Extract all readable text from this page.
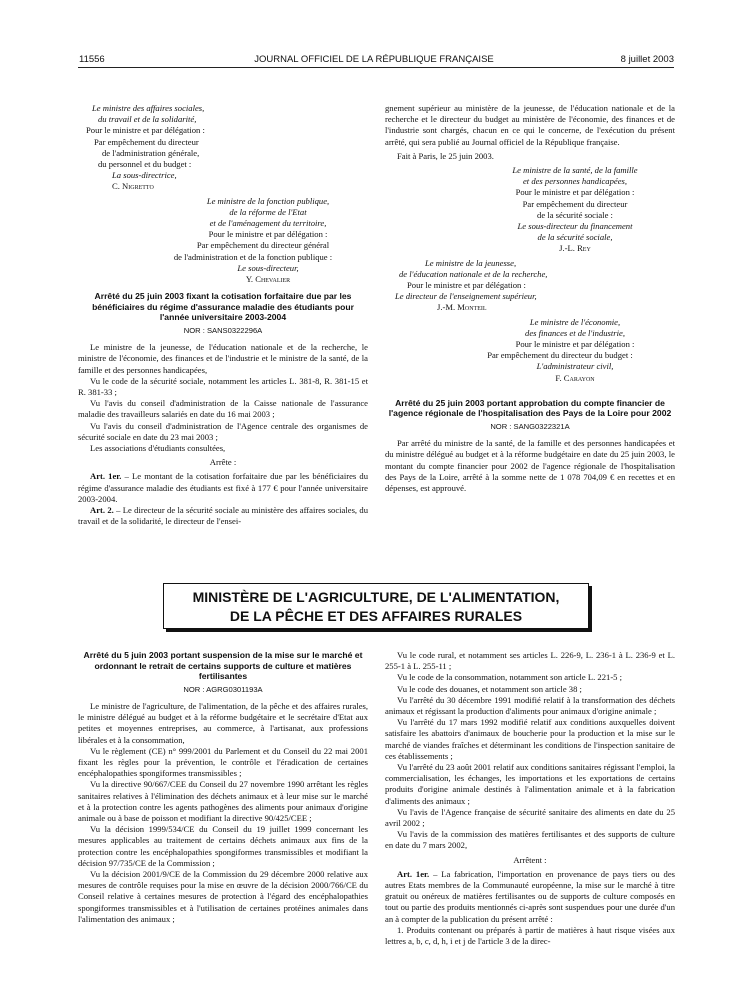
11556	JOURNAL OFFICIEL DE LA RÉPUBLIQUE FRANÇAISE	8 juillet 2003

Le ministre des affaires sociales,

du travail et de la solidarité,

Pour le ministre et par délégation :

Par empêchement du directeur

de l'administration générale,

du personnel et du budget :

La sous-directrice,

C. Nigretto

Le ministre de la fonction publique,

de la réforme de l'Etat

et de l'aménagement du territoire,

Pour le ministre et par délégation :

Par empêchement du directeur général

de l'administration et de la fonction publique :

Le sous-directeur,

Y. Chevalier

Arrêté du 25 juin 2003 fixant la cotisation forfaitaire due par les bénéficiaires du régime d'assurance maladie des étudiants pour l'année universitaire 2003-2004

NOR : SANS0322296A

Le ministre de la jeunesse, de l'éducation nationale et de la recherche, le ministre de l'économie, des finances et de l'industrie et le ministre de la santé, de la famille et des personnes handicapées,

Vu le code de la sécurité sociale, notamment les articles L. 381-8, R. 381-15 et R. 381-33 ;

Vu l'avis du conseil d'administration de la Caisse nationale de l'assurance maladie des travailleurs salariés en date du 16 mai 2003 ;

Vu l'avis du conseil d'administration de l'Agence centrale des organismes de sécurité sociale en date du 23 mai 2003 ;

Les associations d'étudiants consultées,

Arrête :

Art. 1er. – Le montant de la cotisation forfaitaire due par les bénéficiaires du régime d'assurance maladie des étudiants est fixé à 177 € pour l'année universitaire 2003-2004.

Art. 2. – Le directeur de la sécurité sociale au ministère des affaires sociales, du travail et de la solidarité, le directeur de l'ensei-

gnement supérieur au ministère de la jeunesse, de l'éducation nationale et de la recherche et le directeur du budget au ministère de l'économie, des finances et de l'industrie sont chargés, chacun en ce qui le concerne, de l'exécution du présent arrêté, qui sera publié au Journal officiel de la République française.

Fait à Paris, le 25 juin 2003.

Le ministre de la santé, de la famille

et des personnes handicapées,

Pour le ministre et par délégation :

Par empêchement du directeur

de la sécurité sociale :

Le sous-directeur du financement

de la sécurité sociale,

J.-L. Rey

Le ministre de la jeunesse,

de l'éducation nationale et de la recherche,

Pour le ministre et par délégation :

Le directeur de l'enseignement supérieur,

J.-M. Monteil

Le ministre de l'économie,

des finances et de l'industrie,

Pour le ministre et par délégation :

Par empêchement du directeur du budget :

L'administrateur civil,

F. Carayon

Arrêté du 25 juin 2003 portant approbation du compte financier de l'agence régionale de l'hospitalisation des Pays de la Loire pour 2002

NOR : SANG0322321A

Par arrêté du ministre de la santé, de la famille et des personnes handicapées et du ministre délégué au budget et à la réforme budgétaire en date du 25 juin 2003, le montant du compte financier pour 2002 de l'agence régionale de l'hospitalisation des Pays de la Loire, arrêté à la somme nette de 1 078 704,09 € en recettes et en dépenses, est approuvé.

MINISTÈRE DE L'AGRICULTURE, DE L'ALIMENTATION,
DE LA PÊCHE ET DES AFFAIRES RURALES

Arrêté du 5 juin 2003 portant suspension de la mise sur le marché et ordonnant le retrait de certains supports de culture et matières fertilisantes

NOR : AGRG0301193A

Le ministre de l'agriculture, de l'alimentation, de la pêche et des affaires rurales, le ministre délégué au budget et à la réforme budgétaire et le secrétaire d'Etat aux petites et moyennes entreprises, au commerce, à l'artisanat, aux professions libérales et à la consommation,

Vu le règlement (CE) n° 999/2001 du Parlement et du Conseil du 22 mai 2001 fixant les règles pour la prévention, le contrôle et l'éradication de certaines encéphalopathies spongiformes transmissibles ;

Vu la directive 90/667/CEE du Conseil du 27 novembre 1990 arrêtant les règles sanitaires relatives à l'élimination des déchets animaux et à leur mise sur le marché et à la protection contre les agents pathogènes des aliments pour animaux d'origine animale ou à base de poisson et modifiant la directive 90/425/CEE ;

Vu la décision 1999/534/CE du Conseil du 19 juillet 1999 concernant les mesures applicables au traitement de certains déchets animaux aux fins de la protection contre les encéphalopathies spongiformes transmissibles et modifiant la décision 97/735/CE de la Commission ;

Vu la décision 2001/9/CE de la Commission du 29 décembre 2000 relative aux mesures de contrôle requises pour la mise en œuvre de la décision 2000/766/CE du Conseil relative à certaines mesures de protection à l'égard des encéphalopathies spongiformes transmissibles et à l'utilisation de certaines protéines animales dans l'alimentation des animaux ;

Vu le code rural, et notamment ses articles L. 226-9, L. 236-1 à L. 236-9 et L. 255-1 à L. 255-11 ;

Vu le code de la consommation, notamment son article L. 221-5 ;

Vu le code des douanes, et notamment son article 38 ;

Vu l'arrêté du 30 décembre 1991 modifié relatif à la transformation des déchets animaux et régissant la production d'aliments pour animaux d'origine animale ;

Vu l'arrêté du 17 mars 1992 modifié relatif aux conditions auxquelles doivent satisfaire les abattoirs d'animaux de boucherie pour la production et la mise sur le marché de viandes fraîches et déterminant les conditions de l'inspection sanitaire de ces établissements ;

Vu l'arrêté du 23 août 2001 relatif aux conditions sanitaires régissant l'emploi, la commercialisation, les échanges, les importations et les exportations de certains produits d'origine animale destinés à l'alimentation animale et à la fabrication d'aliments des animaux ;

Vu l'avis de l'Agence française de sécurité sanitaire des aliments en date du 25 avril 2002 ;

Vu l'avis de la commission des matières fertilisantes et des supports de culture en date du 7 mars 2002,

Arrêtent :

Art. 1er. – La fabrication, l'importation en provenance de pays tiers ou des autres Etats membres de la Communauté européenne, la mise sur le marché à titre gratuit ou onéreux de matières fertilisantes ou de supports de culture composés en tout ou partie des produits mentionnés ci-après sont suspendues pour une durée d'un an à compter de la publication du présent arrêté :

1. Produits contenant ou préparés à partir de matières à haut risque visées aux lettres a, b, c, d, h, i et j de l'article 3 de la direc-
